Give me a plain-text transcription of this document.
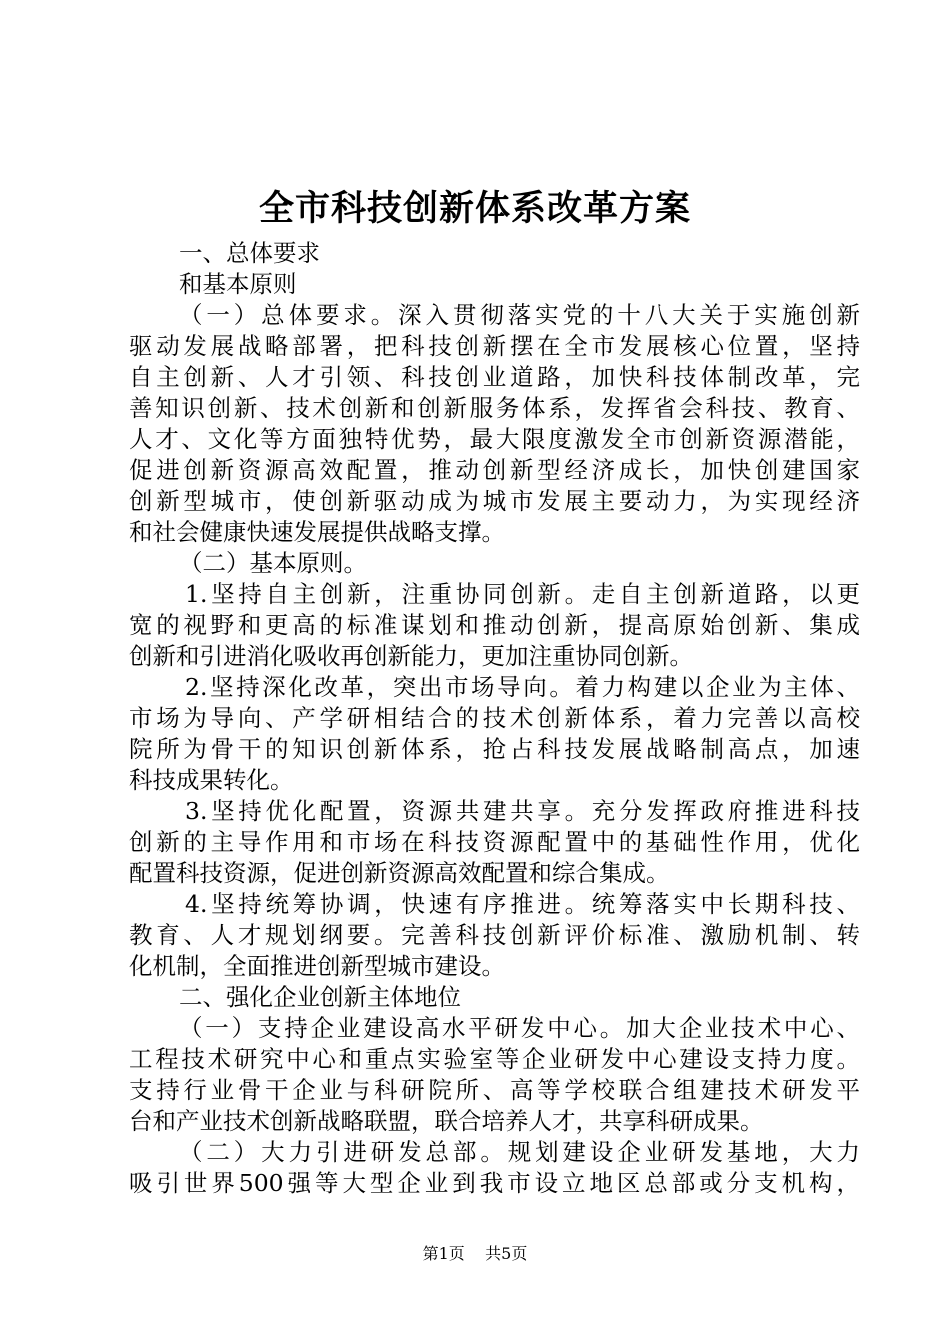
全市科技创新体系改革方案
一、总体要求
和基本原则
（一）总体要求。深入贯彻落实党的十八大关于实施创新
驱动发展战略部署，把科技创新摆在全市发展核心位置，坚持
自主创新、人才引领、科技创业道路，加快科技体制改革，完
善知识创新、技术创新和创新服务体系，发挥省会科技、教育、
人才、文化等方面独特优势，最大限度激发全市创新资源潜能，
促进创新资源高效配置，推动创新型经济成长，加快创建国家
创新型城市，使创新驱动成为城市发展主要动力，为实现经济
和社会健康快速发展提供战略支撑。
（二）基本原则。
1.坚持自主创新，注重协同创新。走自主创新道路，以更
宽的视野和更高的标准谋划和推动创新，提高原始创新、集成
创新和引进消化吸收再创新能力，更加注重协同创新。
2.坚持深化改革，突出市场导向。着力构建以企业为主体、
市场为导向、产学研相结合的技术创新体系，着力完善以高校
院所为骨干的知识创新体系，抢占科技发展战略制高点，加速
科技成果转化。
3.坚持优化配置，资源共建共享。充分发挥政府推进科技
创新的主导作用和市场在科技资源配置中的基础性作用，优化
配置科技资源，促进创新资源高效配置和综合集成。
4.坚持统筹协调，快速有序推进。统筹落实中长期科技、
教育、人才规划纲要。完善科技创新评价标准、激励机制、转
化机制，全面推进创新型城市建设。
二、强化企业创新主体地位
（一）支持企业建设高水平研发中心。加大企业技术中心、
工程技术研究中心和重点实验室等企业研发中心建设支持力度。
支持行业骨干企业与科研院所、高等学校联合组建技术研发平
台和产业技术创新战略联盟，联合培养人才，共享科研成果。
（二）大力引进研发总部。规划建设企业研发基地，大力
吸引世界500强等大型企业到我市设立地区总部或分支机构，
第1页 共5页
